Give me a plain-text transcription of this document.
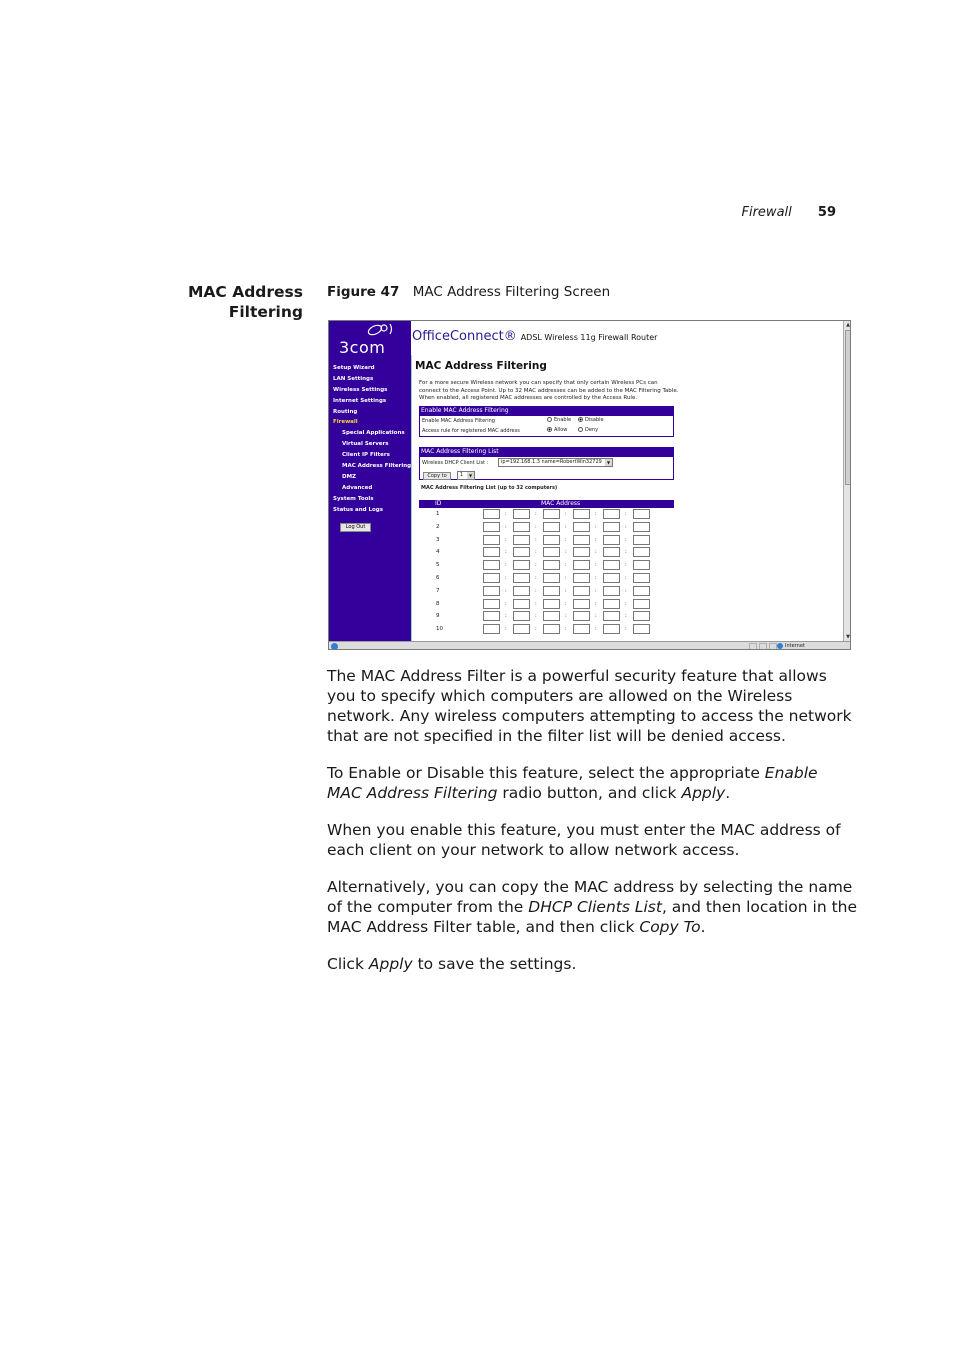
Firewall 59
MAC Address
Filtering
Figure 47 MAC Address Filtering Screen
OfficeConnect® ADSL Wireless 11g Firewall Router
3com
Setup Wizard
LAN Settings
Wireless Settings
Internet Settings
Routing
Firewall
Special Applications
Virtual Servers
Client IP Filters
MAC Address Filtering
DMZ
Advanced
System Tools
Status and Logs
Log Out
MAC Address Filtering
For a more secure Wireless network you can specify that only certain Wireless PCs can connect to the Access Point. Up to 32 MAC addresses can be added to the MAC Filtering Table. When enabled, all registered MAC addresses are controlled by the Access Rule.
Enable MAC Address Filtering
Enable MAC Address Filtering	Enable	Disable
Access rule for registered MAC address	Allow	Deny
MAC Address Filtering List
Wireless DHCP Client List :	ip=192.168.1.3 name=RobertWin32729	▼
Copy to	1	▼
MAC Address Filtering List (up to 32 computers)
ID	MAC Address
1	:	:	:	:	:
2	:	:	:	:	:
3	:	:	:	:	:
4	:	:	:	:	:
5	:	:	:	:	:
6	:	:	:	:	:
7	:	:	:	:	:
8	:	:	:	:	:
9	:	:	:	:	:
10	:	:	:	:	:
▲
▼
Internet

The MAC Address Filter is a powerful security feature that allows you to specify which computers are allowed on the Wireless network. Any wireless computers attempting to access the network that are not specified in the filter list will be denied access.

To Enable or Disable this feature, select the appropriate Enable MAC Address Filtering radio button, and click Apply.

When you enable this feature, you must enter the MAC address of each client on your network to allow network access.

Alternatively, you can copy the MAC address by selecting the name of the computer from the DHCP Clients List, and then location in the MAC Address Filter table, and then click Copy To.

Click Apply to save the settings.
